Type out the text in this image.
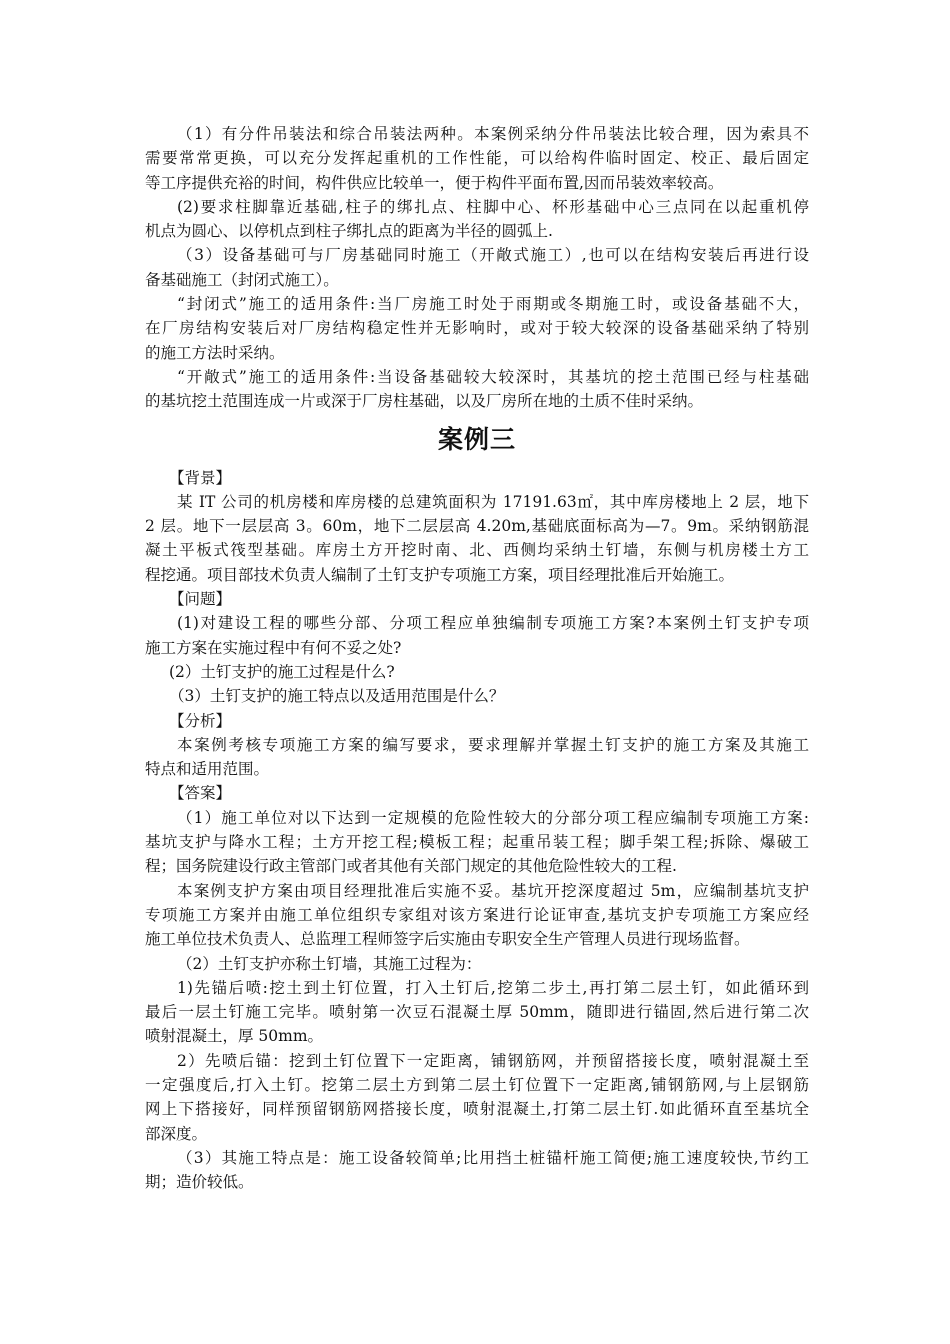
（1）有分件吊装法和综合吊装法两种。本案例采纳分件吊装法比较合理，因为索具不
需要常常更换，可以充分发挥起重机的工作性能，可以给构件临时固定、校正、最后固定
等工序提供充裕的时间，构件供应比较单一，便于构件平面布置,因而吊装效率较高。
(2)要求柱脚靠近基础,柱子的绑扎点、柱脚中心、杯形基础中心三点同在以起重机停
机点为圆心、以停机点到柱子绑扎点的距离为半径的圆弧上.
（3）设备基础可与厂房基础同时施工（开敞式施工）,也可以在结构安装后再进行设
备基础施工（封闭式施工）。
“封闭式”施工的适用条件:当厂房施工时处于雨期或冬期施工时，或设备基础不大，
在厂房结构安装后对厂房结构稳定性并无影响时，或对于较大较深的设备基础采纳了特别
的施工方法时采纳。
“开敞式”施工的适用条件:当设备基础较大较深时，其基坑的挖土范围已经与柱基础
的基坑挖土范围连成一片或深于厂房柱基础，以及厂房所在地的土质不佳时采纳。
案例三
【背景】
某 IT 公司的机房楼和库房楼的总建筑面积为 17191.63㎡，其中库房楼地上 2 层，地下
2 层。地下一层层高 3。60m，地下二层层高 4.20m,基础底面标高为—7。9m。采纳钢筋混
凝土平板式筏型基础。库房土方开挖时南、北、西侧均采纳土钉墙，东侧与机房楼土方工
程挖通。项目部技术负责人编制了土钉支护专项施工方案，项目经理批准后开始施工。
【问题】
(1)对建设工程的哪些分部、分项工程应单独编制专项施工方案?本案例土钉支护专项
施工方案在实施过程中有何不妥之处?
(2）土钉支护的施工过程是什么?
（3）土钉支护的施工特点以及适用范围是什么？
【分析】
本案例考核专项施工方案的编写要求，要求理解并掌握土钉支护的施工方案及其施工
特点和适用范围。
【答案】
（1）施工单位对以下达到一定规模的危险性较大的分部分项工程应编制专项施工方案:
基坑支护与降水工程；土方开挖工程;模板工程；起重吊装工程；脚手架工程;拆除、爆破工
程；国务院建设行政主管部门或者其他有关部门规定的其他危险性较大的工程.
本案例支护方案由项目经理批准后实施不妥。基坑开挖深度超过 5m，应编制基坑支护
专项施工方案并由施工单位组织专家组对该方案进行论证审查,基坑支护专项施工方案应经
施工单位技术负责人、总监理工程师签字后实施由专职安全生产管理人员进行现场监督。
（2）土钉支护亦称土钉墙，其施工过程为：
1)先锚后喷:挖土到土钉位置，打入土钉后,挖第二步土,再打第二层土钉，如此循环到
最后一层土钉施工完毕。喷射第一次豆石混凝土厚 50mm，随即进行锚固,然后进行第二次
喷射混凝土，厚 50mm。
2）先喷后锚：挖到土钉位置下一定距离，铺钢筋网，并预留搭接长度，喷射混凝土至
一定强度后,打入土钉。挖第二层土方到第二层土钉位置下一定距离,铺钢筋网,与上层钢筋
网上下搭接好，同样预留钢筋网搭接长度，喷射混凝土,打第二层土钉.如此循环直至基坑全
部深度。
（3）其施工特点是：施工设备较简单;比用挡土桩锚杆施工简便;施工速度较快,节约工
期；造价较低。
